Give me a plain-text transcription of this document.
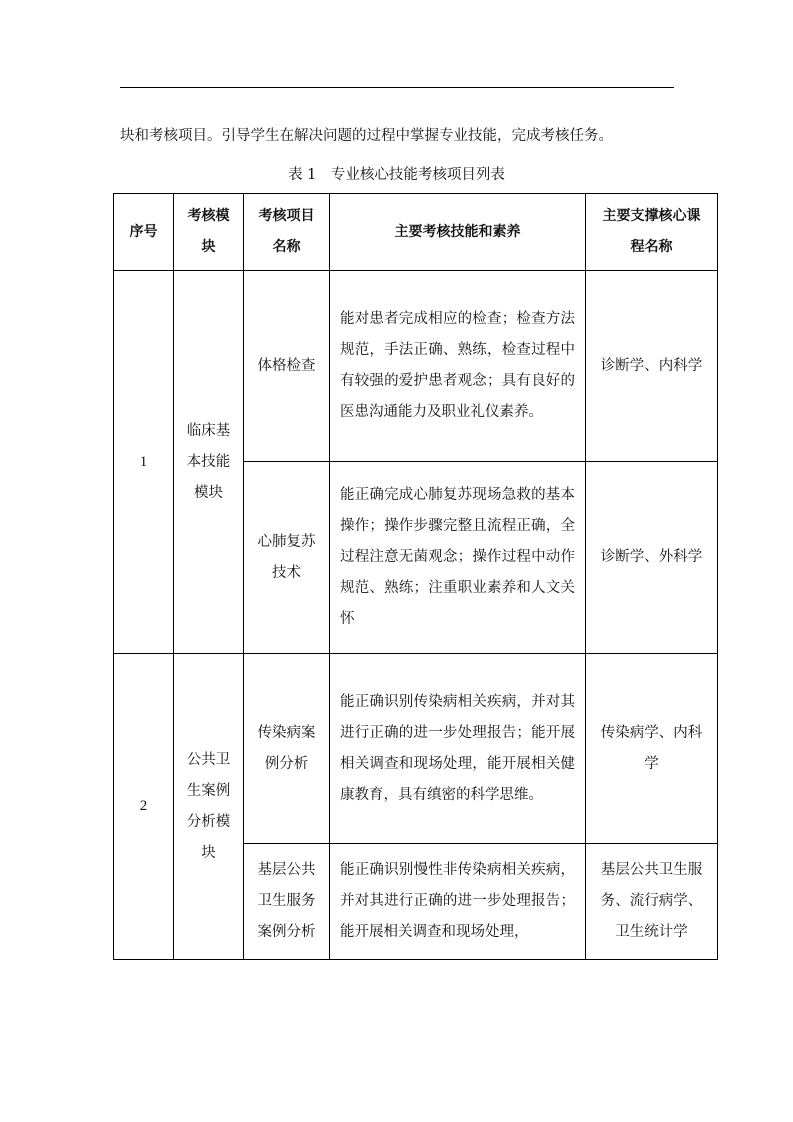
块和考核项目。引导学生在解决问题的过程中掌握专业技能，完成考核任务。
表 1　专业核心技能考核项目列表
序号	考核模块	考核项目名称	主要考核技能和素养	主要支撑核心课程名称
1	临床基本技能模块	体格检查	能对患者完成相应的检查；检查方法规范，手法正确、熟练，检查过程中有较强的爱护患者观念；具有良好的医患沟通能力及职业礼仪素养。	诊断学、内科学
		心肺复苏技术	能正确完成心肺复苏现场急救的基本操作；操作步骤完整且流程正确，全过程注意无菌观念；操作过程中动作规范、熟练；注重职业素养和人文关怀	诊断学、外科学
2	公共卫生案例分析模块	传染病案例分析	能正确识别传染病相关疾病，并对其进行正确的进一步处理报告；能开展相关调查和现场处理，能开展相关健康教育，具有缜密的科学思维。	传染病学、内科学
		基层公共卫生服务案例分析	能正确识别慢性非传染病相关疾病，并对其进行正确的进一步处理报告；能开展相关调查和现场处理，	基层公共卫生服务、流行病学、卫生统计学
